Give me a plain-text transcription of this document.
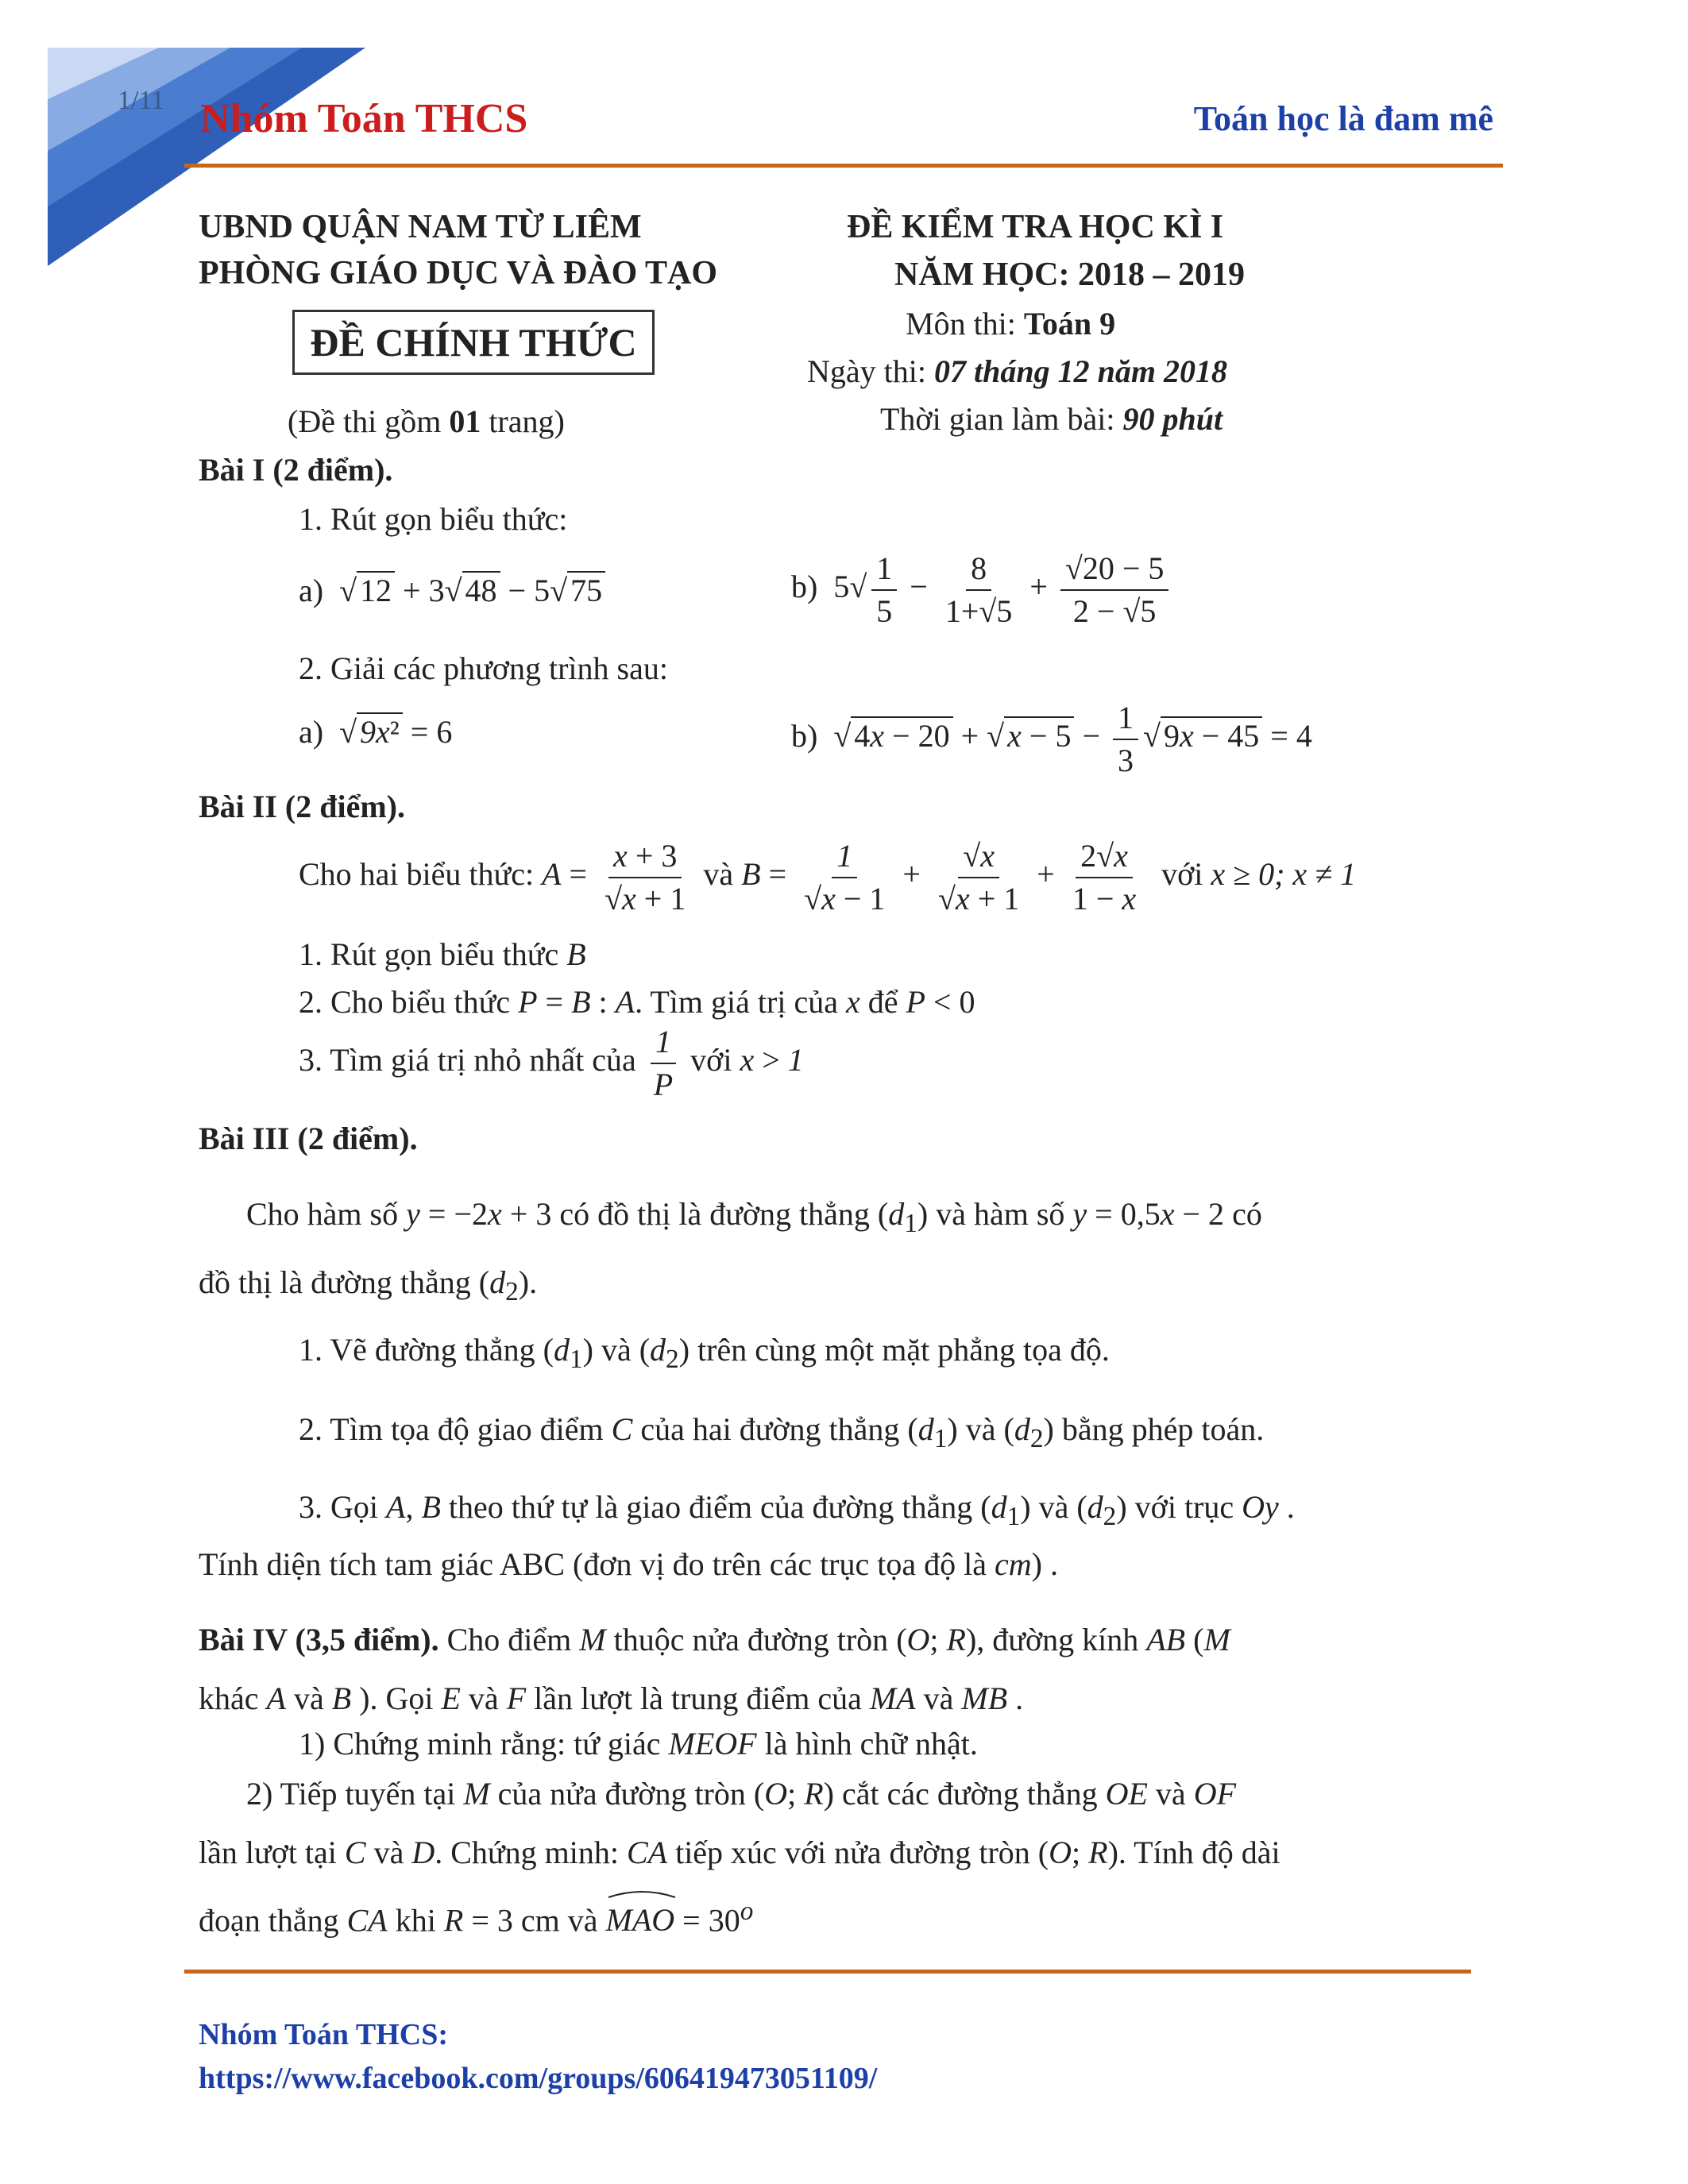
1/11 Nhóm Toán THCS	Toán học là đam mê
UBND QUẬN NAM TỪ LIÊM
PHÒNG GIÁO DỤC VÀ ĐÀO TẠO
ĐỀ CHÍNH THỨC
(Đề thi gồm 01 trang)
ĐỀ KIỂM TRA HỌC KÌ I
NĂM HỌC: 2018 – 2019
Môn thi: Toán 9
Ngày thi: 07 tháng 12 năm 2018
Thời gian làm bài: 90 phút
Bài I (2 điểm).
1. Rút gọn biểu thức:
a)  √ 12 + 3√ 48 − 5√ 75	b)  $5√ \frac{1}{5} - \frac{8}{1+√5} + \frac{√20 - 5}{2 - √5}$
2. Giải các phương trình sau:
a)  √ 9x² = 6	b)  √ 4x − 20 + √ $x - 5 - \frac{1}{3}$ √ 9x − 45 = 4
Bài II (2 điểm).
Cho hai biểu thức: $A = \frac{x + 3}{√x + 1}$ và $B = \frac{1}{√x - 1} + \frac{√x}{√x + 1} + \frac{2√x}{1 - x}$ với x ≥ 0; x ≠ 1
1. Rút gọn biểu thức B
2. Cho biểu thức P = B : A. Tìm giá trị của x để P < 0
3. Tìm giá trị nhỏ nhất của $\frac{1}{P}$ với x > 1
Bài III (2 điểm).
Cho hàm số y = −2x + 3 có đồ thị là đường thẳng $(d_1)$ và hàm số y = 0,5x − 2 có
đồ thị là đường thẳng $(d_2)$.
1. Vẽ đường thẳng $(d_1)$ và $(d_2)$ trên cùng một mặt phẳng tọa độ.
2. Tìm tọa độ giao điểm C của hai đường thẳng $(d_1)$ và $(d_2)$ bằng phép toán.
3. Gọi A, B theo thứ tự là giao điểm của đường thẳng $(d_1)$ và $(d_2)$ với trục Oy .
Tính diện tích tam giác ABC (đơn vị đo trên các trục tọa độ là cm) .
Bài IV (3,5 điểm). Cho điểm M thuộc nửa đường tròn (O; R), đường kính AB (M
khác A và B ). Gọi E và F lần lượt là trung điểm của MA và MB .
1) Chứng minh rằng: tứ giác MEOF là hình chữ nhật.
2) Tiếp tuyến tại M của nửa đường tròn (O; R) cắt các đường thẳng OE và OF
lần lượt tại C và D. Chứng minh: CA tiếp xúc với nửa đường tròn (O; R). Tính độ dài
đoạn thẳng CA khi R = 3 cm và MAO = $30^o$
Nhóm Toán THCS:
https://www.facebook.com/groups/606419473051109/
